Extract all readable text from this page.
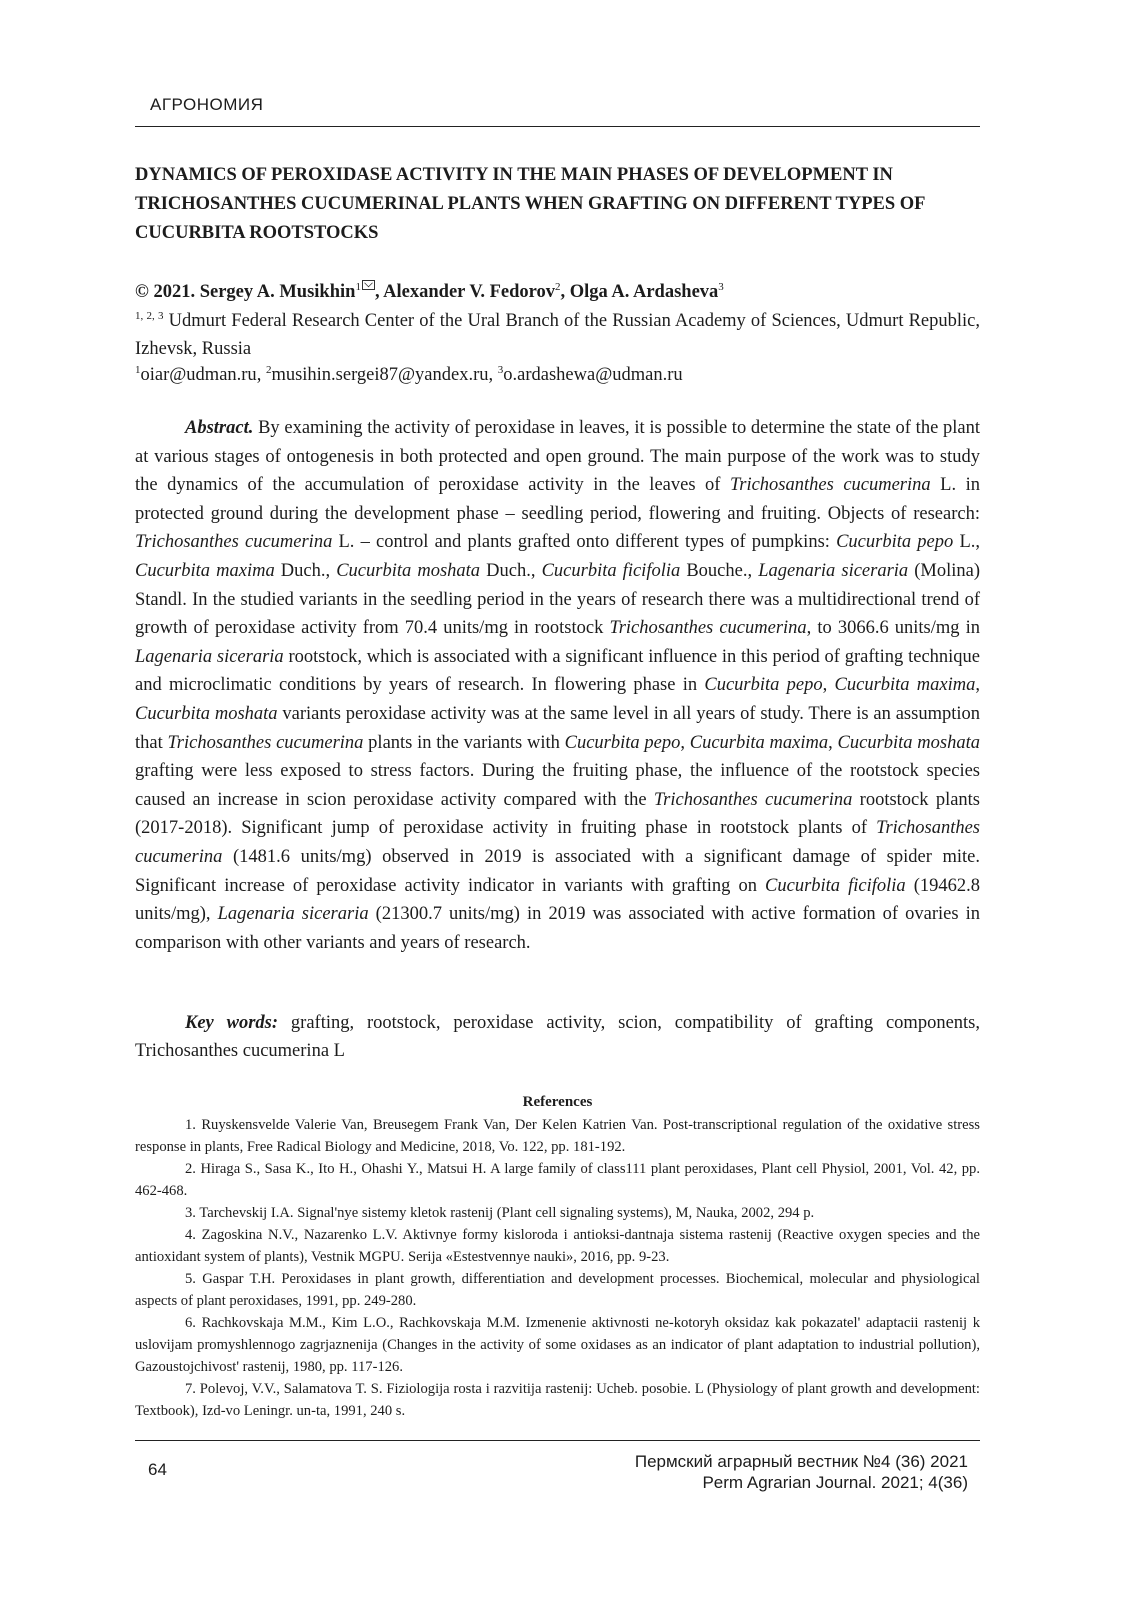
АГРОНОМИЯ
DYNAMICS OF PEROXIDASE ACTIVITY IN THE MAIN PHASES OF DEVELOPMENT IN TRICHOSANTHES CUCUMERINAL PLANTS WHEN GRAFTING ON DIFFERENT TYPES OF CUCURBITA ROOTSTOCKS
© 2021. Sergey A. Musikhin$^1$ , Alexander V. Fedorov$^2$, Olga A. Ardasheva$^3$
$^{1, 2, 3}$ Udmurt Federal Research Center of the Ural Branch of the Russian Academy of Sciences, Udmurt Republic, Izhevsk, Russia
$^1$oiar@udman.ru, $^2$musihin.sergei87@yandex.ru, $^3$o.ardashewa@udman.ru

Abstract. By examining the activity of peroxidase in leaves, it is possible to determine the state of the plant at various stages of ontogenesis in both protected and open ground. The main purpose of the work was to study the dynamics of the accumulation of peroxidase activity in the leaves of Trichosanthes cucumerina L. in protected ground during the development phase – seedling period, flowering and fruiting. Objects of research: Trichosanthes cucumerina L. – control and plants grafted onto different types of pumpkins: Cucurbita pepo L., Cucurbita maxima Duch., Cucurbita moshata Duch., Cucurbita ficifolia Bouche., Lagenaria siceraria (Molina) Standl. In the studied variants in the seedling period in the years of research there was a multidirectional trend of growth of peroxidase activity from 70.4 units/mg in rootstock Trichosanthes cucumerina, to 3066.6 units/mg in Lagenaria siceraria rootstock, which is associated with a significant influence in this period of grafting technique and microclimatic conditions by years of research. In flowering phase in Cucurbita pepo, Cucurbita maxima, Cucurbita moshata variants peroxidase activity was at the same level in all years of study. There is an assumption that Trichosanthes cucumerina plants in the variants with Cucurbita pepo, Cucurbita maxima, Cucurbita moshata grafting were less exposed to stress factors. During the fruiting phase, the influence of the rootstock species caused an increase in scion peroxidase activity compared with the Trichosanthes cucumerina rootstock plants (2017-2018). Significant jump of peroxidase activity in fruiting phase in rootstock plants of Trichosanthes cucumerina (1481.6 units/mg) observed in 2019 is associated with a significant damage of spider mite. Significant increase of peroxidase activity indicator in variants with grafting on Cucurbita ficifolia (19462.8 units/mg), Lagenaria siceraria (21300.7 units/mg) in 2019 was associated with active formation of ovaries in comparison with other variants and years of research.

Key words: grafting, rootstock, peroxidase activity, scion, compatibility of grafting components, Trichosanthes cucumerina L

References
1. Ruyskensvelde Valerie Van, Breusegem Frank Van, Der Kelen Katrien Van. Post-transcriptional regulation of the oxidative stress response in plants, Free Radical Biology and Medicine, 2018, Vo. 122, pp. 181-192.
2. Hiraga S., Sasa K., Ito H., Ohashi Y., Matsui H. A large family of class111 plant peroxidases, Plant cell Physiol, 2001, Vol. 42, pp. 462-468.
3. Tarchevskij I.A. Signal'nye sistemy kletok rastenij (Plant cell signaling systems), M, Nauka, 2002, 294 p.
4. Zagoskina N.V., Nazarenko L.V. Aktivnye formy kisloroda i antioksi-dantnaja sistema rastenij (Reactive oxygen species and the antioxidant system of plants), Vestnik MGPU. Serija «Estestvennye nauki», 2016, pp. 9-23.
5. Gaspar T.H. Peroxidases in plant growth, differentiation and development processes. Biochemical, molecular and physiological aspects of plant peroxidases, 1991, pp. 249-280.
6. Rachkovskaja M.M., Kim L.O., Rachkovskaja M.M. Izmenenie aktivnosti ne-kotoryh oksidaz kak pokazatel' adaptacii rastenij k uslovijam promyshlennogo zagrjaznenija (Changes in the activity of some oxidases as an indicator of plant adaptation to industrial pollution), Gazoustojchivost' rastenij, 1980, pp. 117-126.
7. Polevoj, V.V., Salamatova T. S. Fiziologija rosta i razvitija rastenij: Ucheb. posobie. L (Physiology of plant growth and development: Textbook), Izd-vo Leningr. un-ta, 1991, 240 s.
64	Пермский аграрный вестник №4 (36) 2021
Perm Agrarian Journal. 2021; 4(36)
